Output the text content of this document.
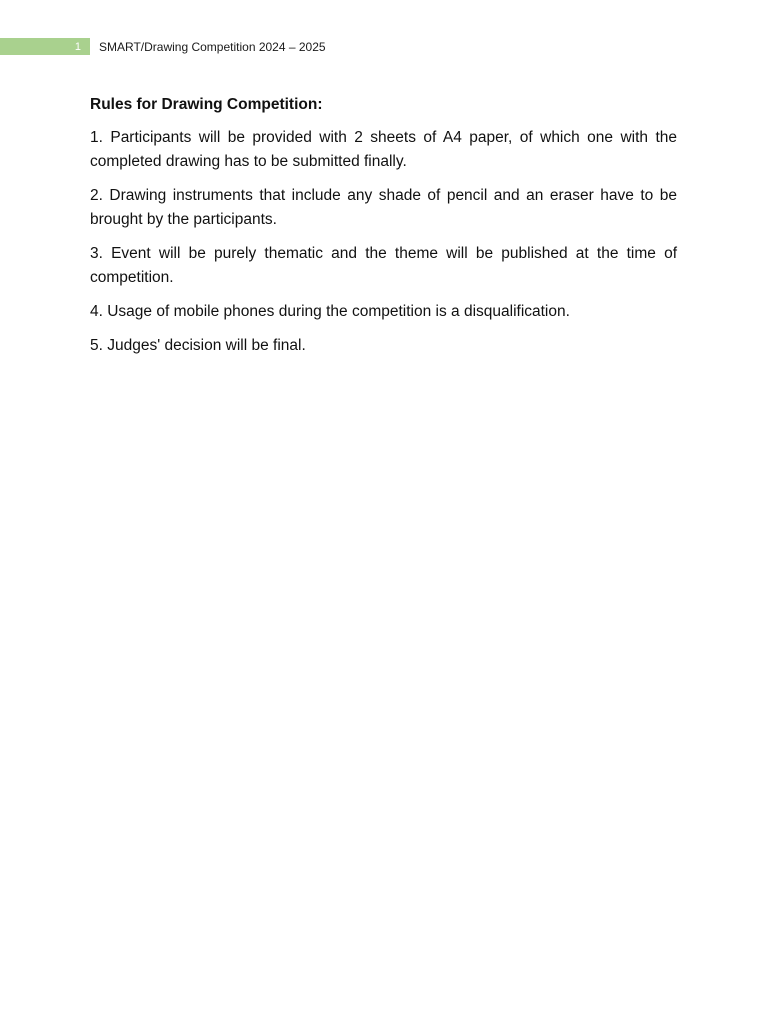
1 SMART/Drawing Competition 2024 – 2025

Rules for Drawing Competition:

1. Participants will be provided with 2 sheets of A4 paper, of which one with the completed drawing has to be submitted finally.

2. Drawing instruments that include any shade of pencil and an eraser have to be brought by the participants.

3. Event will be purely thematic and the theme will be published at the time of competition.

4. Usage of mobile phones during the competition is a disqualification.

5. Judges' decision will be final.
